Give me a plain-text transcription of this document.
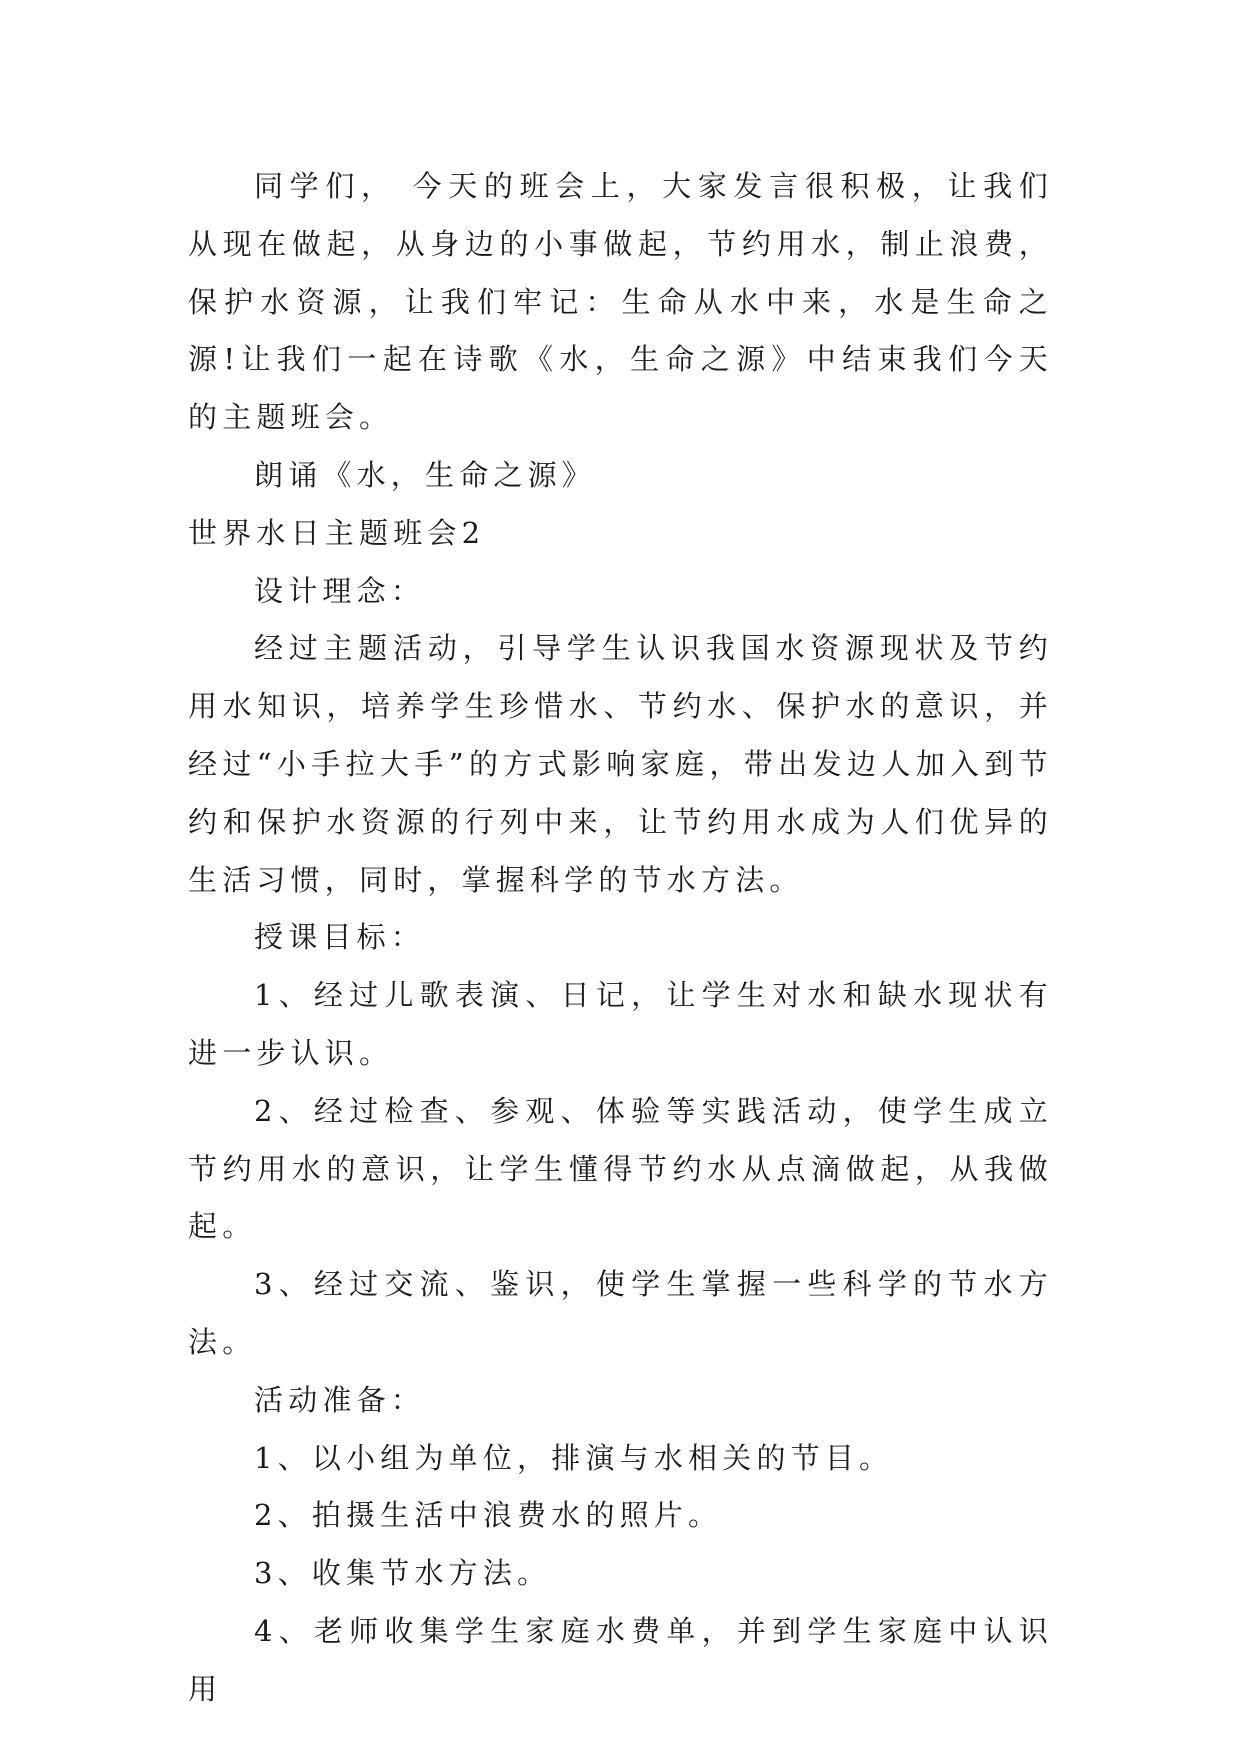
同学们， 今天的班会上，大家发言很积极，让我们从现在做起，从身边的小事做起，节约用水，制止浪费， 保护水资源，让我们牢记：生命从水中来，水是生命之源!让我们一起在诗歌《水，生命之源》中结束我们今天的主题班会。

朗诵《水，生命之源》

世界水日主题班会2

设计理念：

经过主题活动，引导学生认识我国水资源现状及节约用水知识，培养学生珍惜水、节约水、保护水的意识，并经过“小手拉大手”的方式影响家庭，带出发边人加入到节约和保护水资源的行列中来，让节约用水成为人们优异的生活习惯，同时，掌握科学的节水方法。

授课目标：

1、经过儿歌表演、日记，让学生对水和缺水现状有进一步认识。

2、经过检查、参观、体验等实践活动，使学生成立节约用水的意识，让学生懂得节约水从点滴做起，从我做起。

3、经过交流、鉴识，使学生掌握一些科学的节水方法。

活动准备：

1、以小组为单位，排演与水相关的节目。

2、拍摄生活中浪费水的照片。

3、收集节水方法。

4、老师收集学生家庭水费单，并到学生家庭中认识用
